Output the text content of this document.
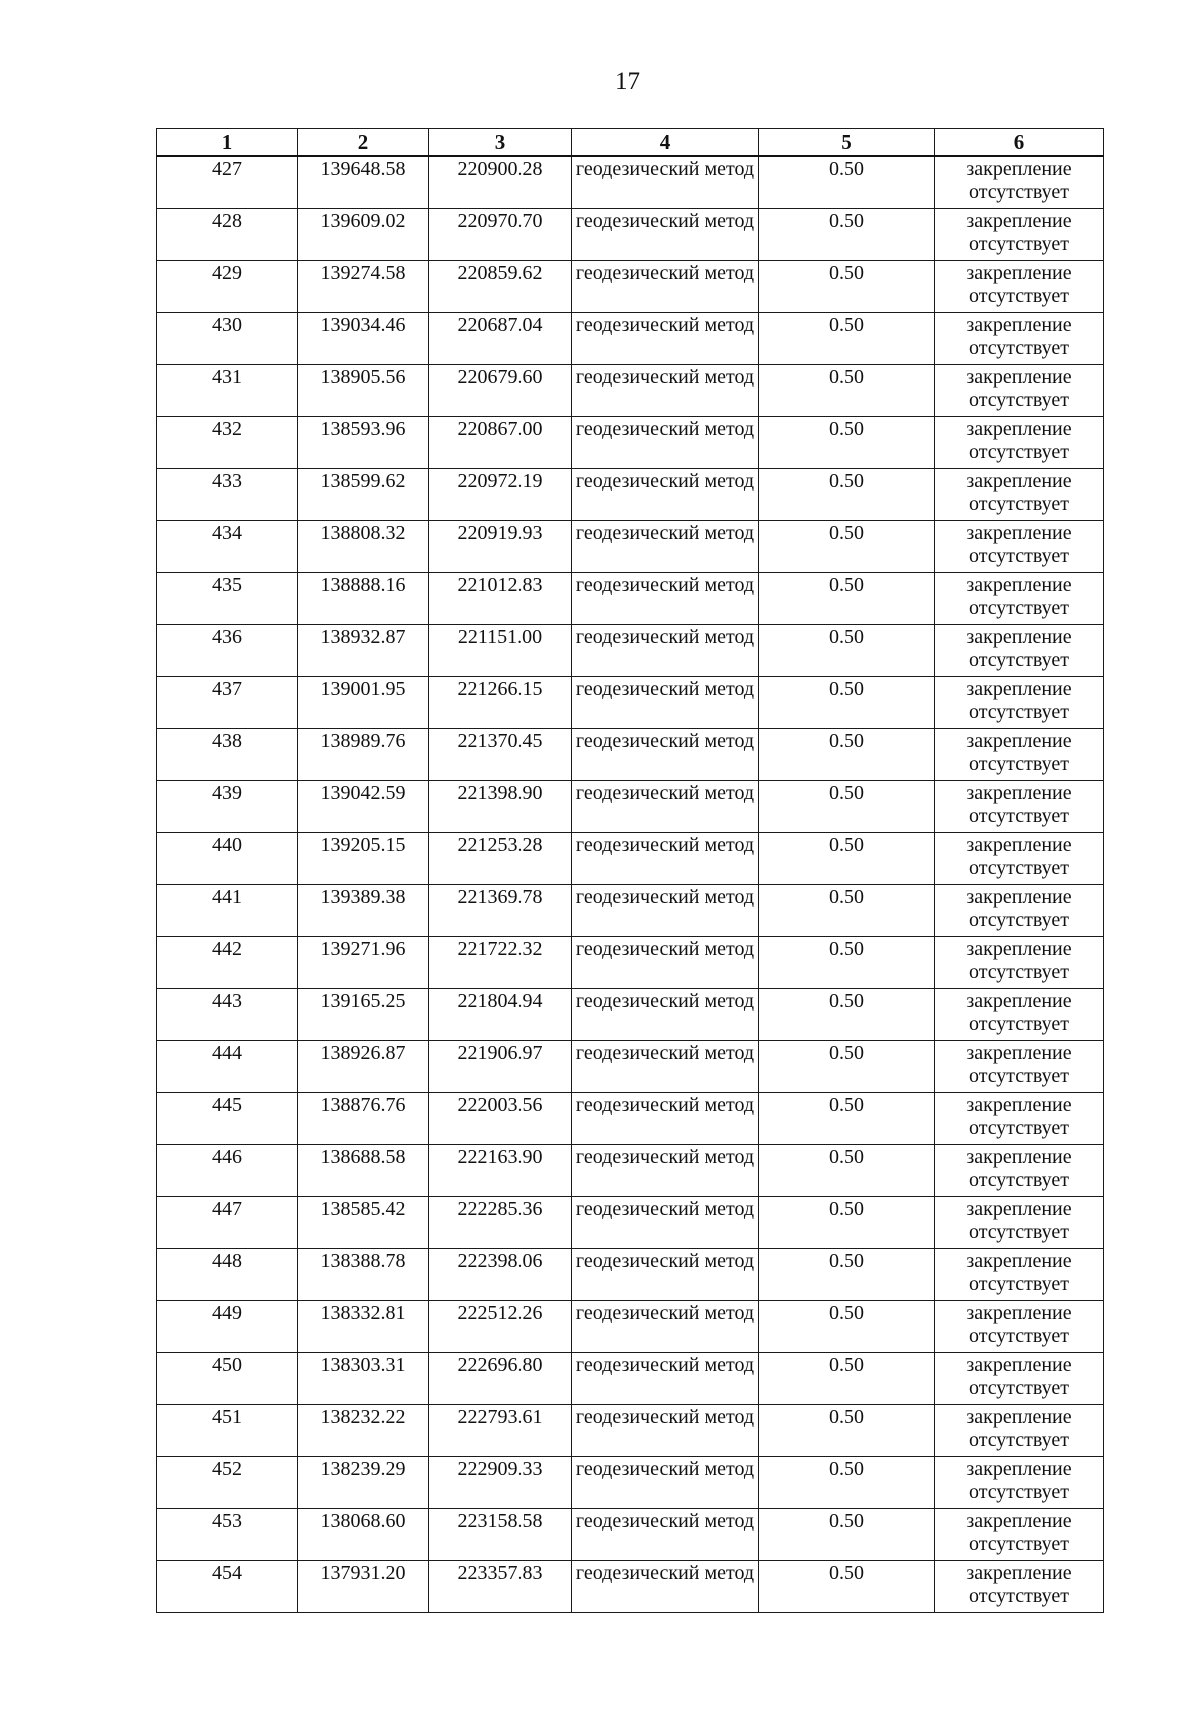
17
1	2	3	4	5	6
427	139648.58	220900.28	геодезический метод	0.50	закрепление отсутствует
428	139609.02	220970.70	геодезический метод	0.50	закрепление отсутствует
429	139274.58	220859.62	геодезический метод	0.50	закрепление отсутствует
430	139034.46	220687.04	геодезический метод	0.50	закрепление отсутствует
431	138905.56	220679.60	геодезический метод	0.50	закрепление отсутствует
432	138593.96	220867.00	геодезический метод	0.50	закрепление отсутствует
433	138599.62	220972.19	геодезический метод	0.50	закрепление отсутствует
434	138808.32	220919.93	геодезический метод	0.50	закрепление отсутствует
435	138888.16	221012.83	геодезический метод	0.50	закрепление отсутствует
436	138932.87	221151.00	геодезический метод	0.50	закрепление отсутствует
437	139001.95	221266.15	геодезический метод	0.50	закрепление отсутствует
438	138989.76	221370.45	геодезический метод	0.50	закрепление отсутствует
439	139042.59	221398.90	геодезический метод	0.50	закрепление отсутствует
440	139205.15	221253.28	геодезический метод	0.50	закрепление отсутствует
441	139389.38	221369.78	геодезический метод	0.50	закрепление отсутствует
442	139271.96	221722.32	геодезический метод	0.50	закрепление отсутствует
443	139165.25	221804.94	геодезический метод	0.50	закрепление отсутствует
444	138926.87	221906.97	геодезический метод	0.50	закрепление отсутствует
445	138876.76	222003.56	геодезический метод	0.50	закрепление отсутствует
446	138688.58	222163.90	геодезический метод	0.50	закрепление отсутствует
447	138585.42	222285.36	геодезический метод	0.50	закрепление отсутствует
448	138388.78	222398.06	геодезический метод	0.50	закрепление отсутствует
449	138332.81	222512.26	геодезический метод	0.50	закрепление отсутствует
450	138303.31	222696.80	геодезический метод	0.50	закрепление отсутствует
451	138232.22	222793.61	геодезический метод	0.50	закрепление отсутствует
452	138239.29	222909.33	геодезический метод	0.50	закрепление отсутствует
453	138068.60	223158.58	геодезический метод	0.50	закрепление отсутствует
454	137931.20	223357.83	геодезический метод	0.50	закрепление отсутствует
